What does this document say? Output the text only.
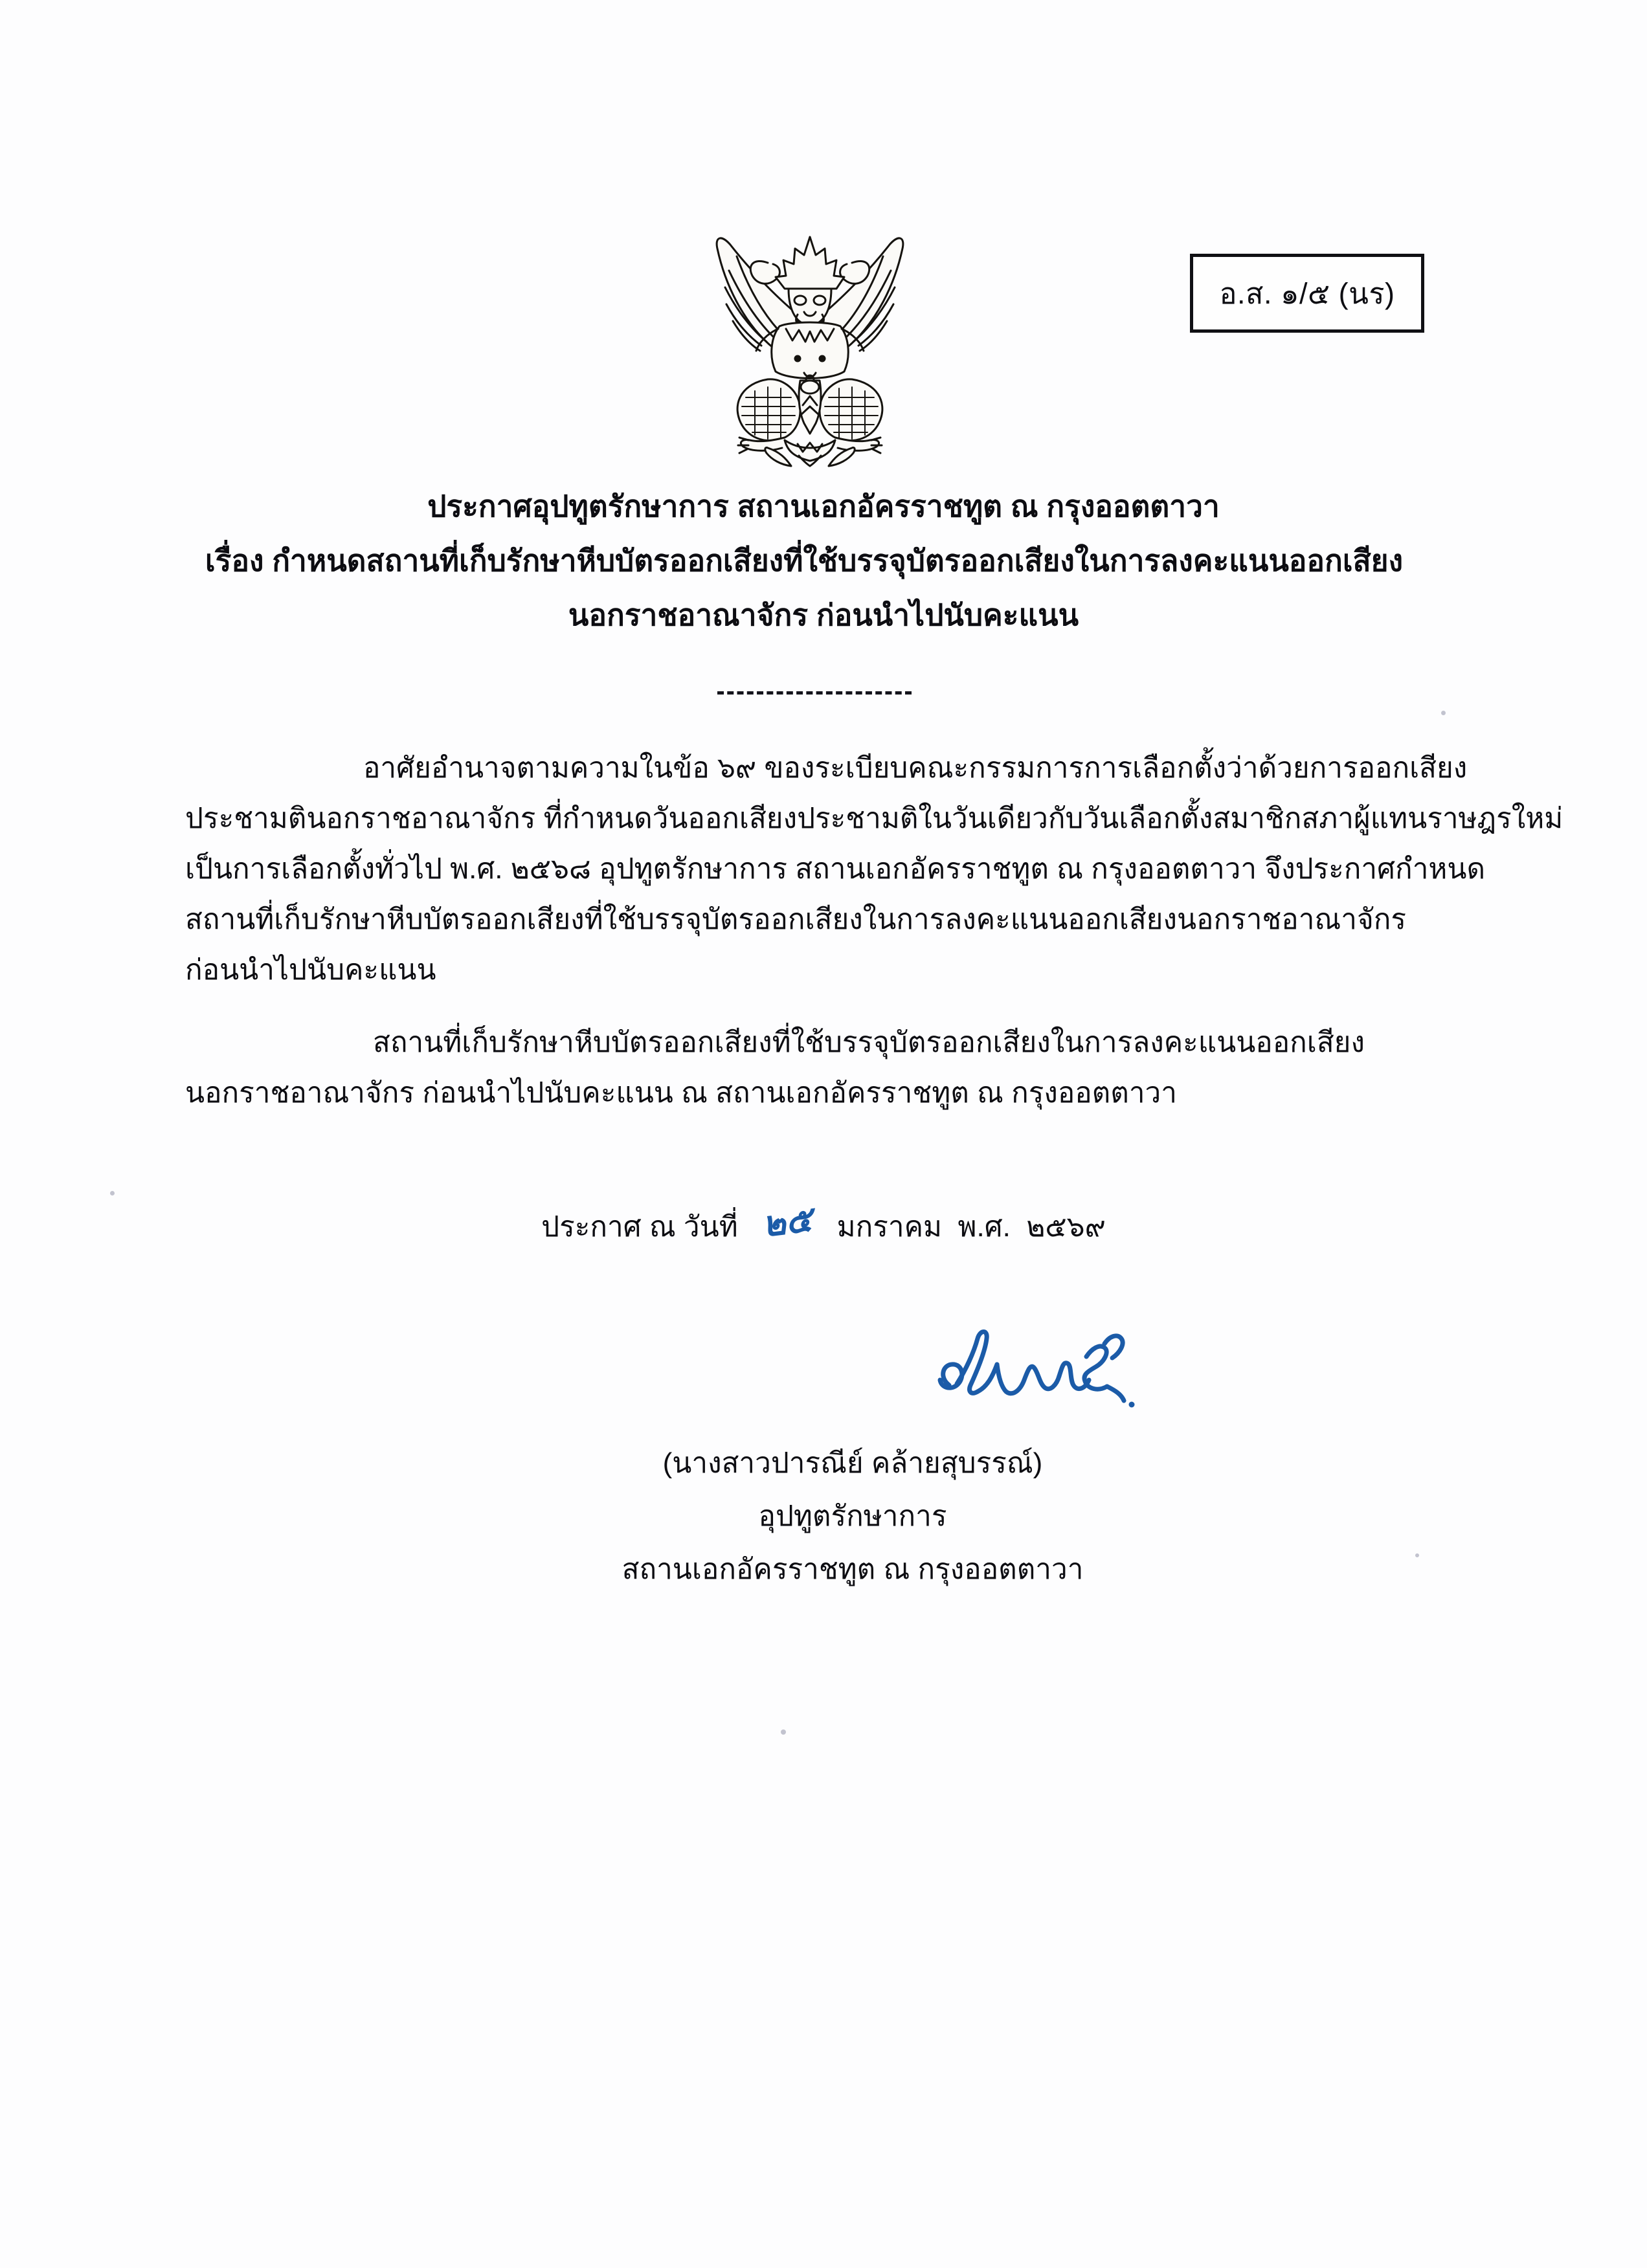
อ.ส. ๑/๕ (นร)
ประกาศอุปทูตรักษาการ สถานเอกอัครราชทูต ณ กรุงออตตาวา
เรื่อง กำหนดสถานที่เก็บรักษาหีบบัตรออกเสียงที่ใช้บรรจุบัตรออกเสียงในการลงคะแนนออกเสียง
นอกราชอาณาจักร ก่อนนำไปนับคะแนน
อาศัยอำนาจตามความในข้อ ๖๙ ของระเบียบคณะกรรมการการเลือกตั้งว่าด้วยการออกเสียง
ประชามตินอกราชอาณาจักร ที่กำหนดวันออกเสียงประชามติในวันเดียวกับวันเลือกตั้งสมาชิกสภาผู้แทนราษฎรใหม่
เป็นการเลือกตั้งทั่วไป พ.ศ. ๒๕๖๘ อุปทูตรักษาการ สถานเอกอัครราชทูต ณ กรุงออตตาวา จึงประกาศกำหนด
สถานที่เก็บรักษาหีบบัตรออกเสียงที่ใช้บรรจุบัตรออกเสียงในการลงคะแนนออกเสียงนอกราชอาณาจักร
ก่อนนำไปนับคะแนน
สถานที่เก็บรักษาหีบบัตรออกเสียงที่ใช้บรรจุบัตรออกเสียงในการลงคะแนนออกเสียง
นอกราชอาณาจักร ก่อนนำไปนับคะแนน ณ สถานเอกอัครราชทูต ณ กรุงออตตาวา
ประกาศ ณ วันที่ ๒๕ มกราคม พ.ศ. ๒๕๖๙
(นางสาวปารณีย์ คล้ายสุบรรณ์)
อุปทูตรักษาการ
สถานเอกอัครราชทูต ณ กรุงออตตาวา
